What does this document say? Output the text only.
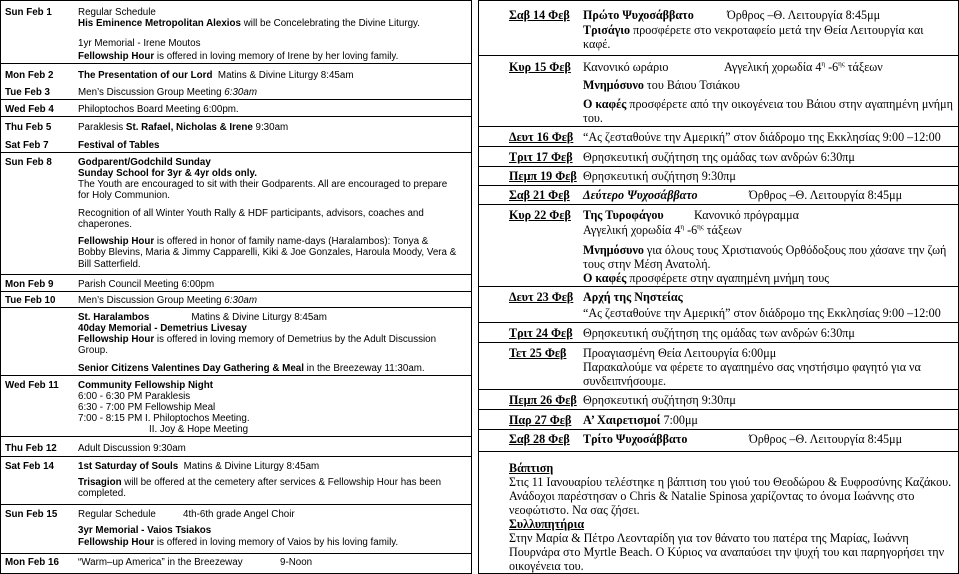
Sun Feb 1	Regular Schedule
His Eminence Metropolitan Alexios will be Concelebrating the Divine Liturgy.
1yr Memorial - Irene Moutos
Fellowship Hour is offered in loving memory of Irene by her loving family.
Mon Feb 2	The Presentation of our Lord Matins & Divine Liturgy 8:45am
Tue Feb 3	Men’s Discussion Group Meeting 6:30am
Wed Feb 4 Philoptochos Board Meeting 6:00pm.
Thu Feb 5	Paraklesis St. Rafael, Nicholas & Irene 9:30am
Sat Feb 7	Festival of Tables
Sun Feb 8	Godparent/Godchild Sunday
Sunday School for 3yr & 4yr olds only.
The Youth are encouraged to sit with their Godparents. All are encouraged to prepare for Holy Communion.
Recognition of all Winter Youth Rally & HDF participants, advisors, coaches and chaperones.
Fellowship Hour is offered in honor of family name-days (Haralambos): Tonya & Bobby Blevins, Maria & Jimmy Capparelli, Kiki & Joe Gonzales, Haroula Moody, Vera & Bill Satterfield.
Mon Feb 9	Parish Council Meeting 6:00pm
Tue Feb 10 Men’s Discussion Group Meeting 6:30am
St. Haralambos	Matins & Divine Liturgy 8:45am
40day Memorial - Demetrius Livesay
Fellowship Hour is offered in loving memory of Demetrius by the Adult Discussion Group.
Senior Citizens Valentines Day Gathering & Meal in the Breezeway 11:30am.
Wed Feb 11 Community Fellowship Night
6:00 - 6:30 PM Paraklesis
6:30 - 7:00 PM Fellowship Meal
7:00 - 8:15 PM I. Philoptochos Meeting.
II. Joy & Hope Meeting
Thu Feb 12 Adult Discussion 9:30am
Sat Feb 14 1st Saturday of Souls Matins & Divine Liturgy 8:45am
Trisagion will be offered at the cemetery after services & Fellowship Hour has been completed.
Sun Feb 15 Regular Schedule	4th-6th grade Angel Choir
3yr Memorial - Vaios Tsiakos
Fellowship Hour is offered in loving memory of Vaios by his loving family.
Mon Feb 16 “Warm–up America” in the Breezeway	9-Noon
Σαβ 14 Φεβ Πρώτο Ψυχοσάββατο	Όρθρος –Θ. Λειτουργία 8:45μμ
Τρισάγιο προσφέρετε στο νεκροταφείο μετά την Θεία Λειτουργία και καφέ.
Κυρ 15 Φεβ Κανονικό ωράριο	Αγγελική χορωδία $4^\eta$ $-6^{\eta\varsigma}$ τάξεων
Μνημόσυνο του Βάιου Τσιάκου
Ο καφές προσφέρετε από την οικογένεια του Βάιου στην αγαπημένη μνήμη του.
Δευτ 16 Φεβ “Ας ζεσταθούνε την Αμερική” στον διάδρομο της Εκκλησίας 9:00 –12:00
Τριτ 17 Φεβ Θρησκευτική συζήτηση της ομάδας των ανδρών 6:30πμ
Πεμπ 19 Φεβ Θρησκευτική συζήτηση 9:30πμ
Σαβ 21 Φεβ Δεύτερο Ψυχοσάββατο	Όρθρος –Θ. Λειτουργία 8:45μμ
Κυρ 22 Φεβ Της Τυροφάγου	Κανονικό πρόγραμμα
Αγγελική χορωδία $4^\eta$ $-6^{\eta\varsigma}$ τάξεων
Μνημόσυνο για όλους τους Χριστιανούς Ορθόδοξους που χάσανε την ζωή τους στην Μέση Ανατολή.
Ο καφές προσφέρετε στην αγαπημένη μνήμη τους
Δευτ 23 Φεβ Αρχή της Νηστείας
“Ας ζεσταθούνε την Αμερική” στον διάδρομο της Εκκλησίας 9:00 –12:00
Τριτ 24 Φεβ Θρησκευτική συζήτηση της ομάδας των ανδρών 6:30πμ
Τετ 25 Φεβ Προαγιασμένη Θεία Λειτουργία 6:00μμ
Παρακαλούμε να φέρετε το αγαπημένο σας νηστήσιμο φαγητό για να συνδειπνήσουμε.
Πεμπ 26 Φεβ Θρησκευτική συζήτηση 9:30πμ
Παρ 27 Φεβ Α’ Χαιρετισμοί 7:00μμ
Σαβ 28 Φεβ Τρίτο Ψυχοσάββατο	Όρθρος –Θ. Λειτουργία 8:45μμ
Βάπτιση
Στις 11 Ιανουαρίου τελέστηκε η βάπτιση του γιού του Θεοδώρου & Ευφροσύνης Καζάκου. Ανάδοχοι παρέστησαν ο Chris & Natalie Spinosa χαρίζοντας το όνομα Ιωάννης στο νεοφώτιστο. Να σας ζήσει.
Συλλυπητήρια
Στην Μαρία & Πέτρο Λεονταρίδη για τον θάνατο του πατέρα της Μαρίας, Ιωάννη Πουρνάρα στο Myrtle Beach. Ο Κύριος να αναπαύσει την ψυχή του και παρηγορήσει την οικογένεια του.
